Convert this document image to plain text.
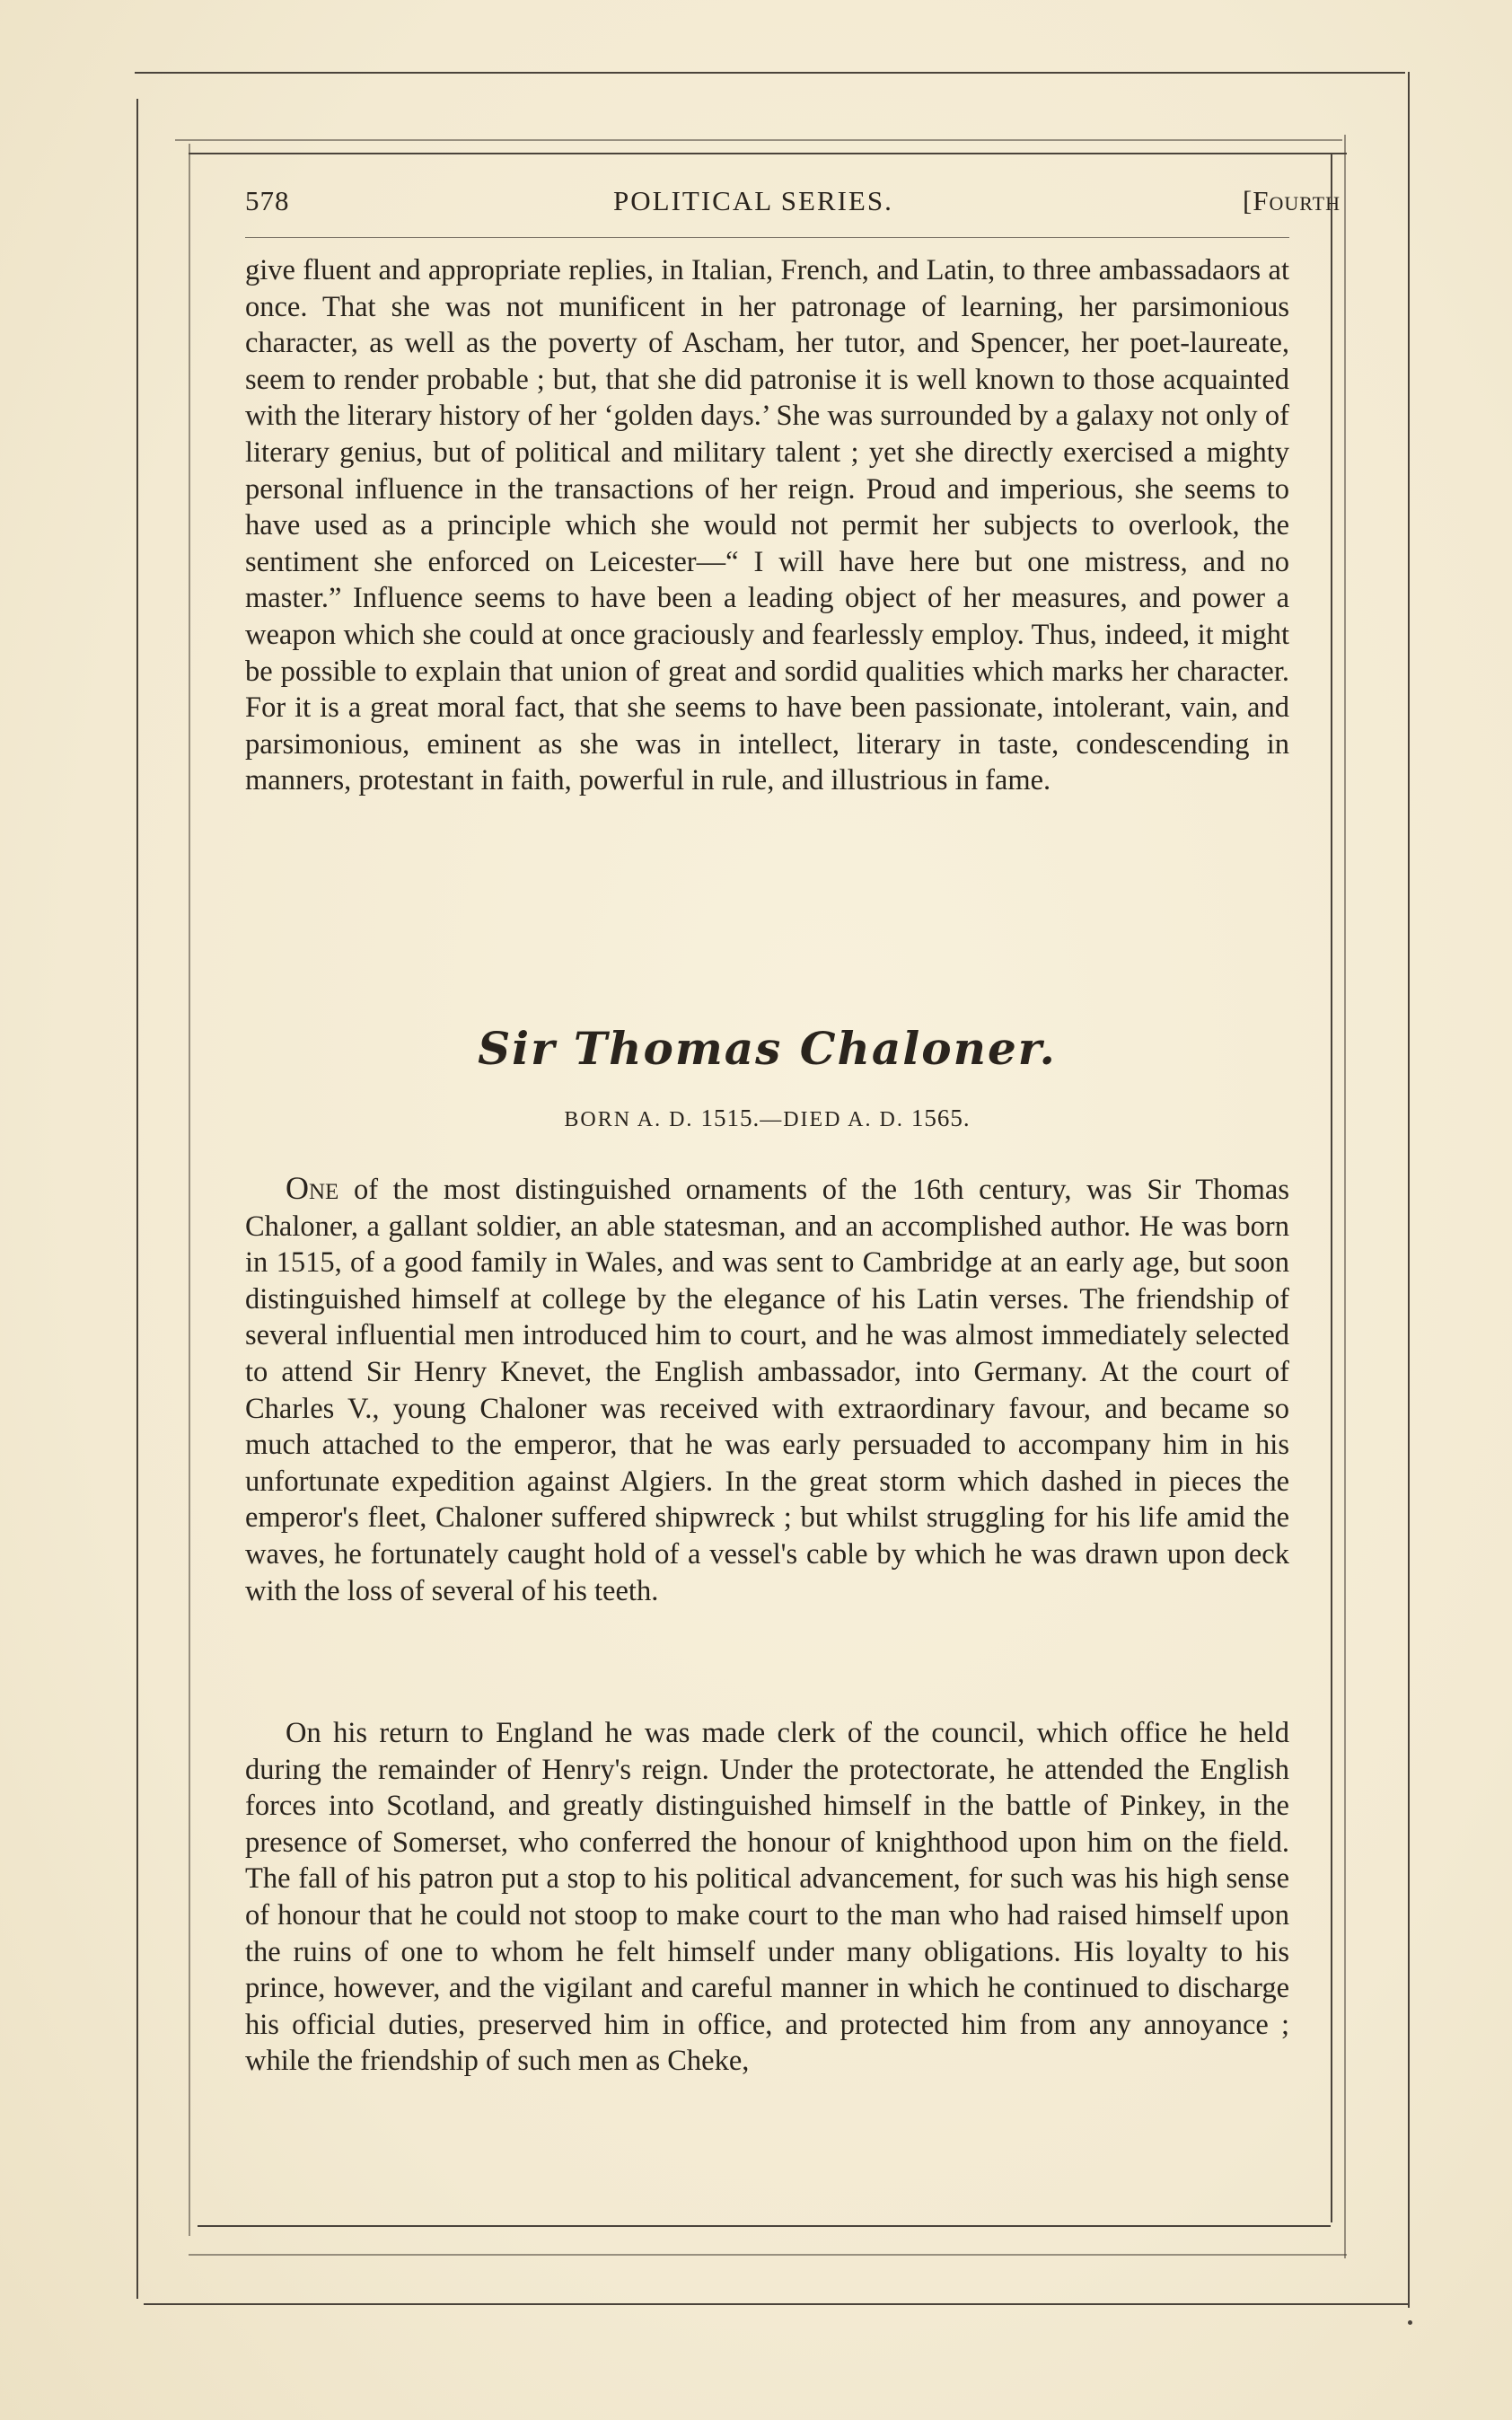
578	POLITICAL SERIES.	[Fourth

give fluent and appropriate replies, in Italian, French, and Latin, to three ambassadaors at once. That she was not munificent in her patronage of learning, her parsimonious character, as well as the poverty of Ascham, her tutor, and Spencer, her poet-laureate, seem to render probable ; but, that she did patronise it is well known to those acquainted with the literary history of her ‘golden days.’ She was surrounded by a galaxy not only of literary genius, but of political and military talent ; yet she directly exercised a mighty personal influence in the transactions of her reign. Proud and imperious, she seems to have used as a principle which she would not permit her subjects to overlook, the sentiment she enforced on Leicester—“ I will have here but one mistress, and no master.” Influence seems to have been a leading object of her measures, and power a weapon which she could at once graciously and fearlessly employ. Thus, indeed, it might be possible to explain that union of great and sordid qualities which marks her character. For it is a great moral fact, that she seems to have been passionate, intolerant, vain, and parsimonious, eminent as she was in intellect, literary in taste, condescending in manners, protestant in faith, powerful in rule, and illustrious in fame.

Sir Thomas Chaloner.
BORN A. D. 1515.—DIED A. D. 1565.

One of the most distinguished ornaments of the 16th century, was Sir Thomas Chaloner, a gallant soldier, an able statesman, and an accomplished author. He was born in 1515, of a good family in Wales, and was sent to Cambridge at an early age, but soon distinguished himself at college by the elegance of his Latin verses. The friendship of several influential men introduced him to court, and he was almost immediately selected to attend Sir Henry Knevet, the English ambassador, into Germany. At the court of Charles V., young Chaloner was received with extraordinary favour, and became so much attached to the emperor, that he was early persuaded to accompany him in his unfortunate expedition against Algiers. In the great storm which dashed in pieces the emperor's fleet, Chaloner suffered shipwreck ; but whilst struggling for his life amid the waves, he fortunately caught hold of a vessel's cable by which he was drawn upon deck with the loss of several of his teeth.

On his return to England he was made clerk of the council, which office he held during the remainder of Henry's reign. Under the protectorate, he attended the English forces into Scotland, and greatly distinguished himself in the battle of Pinkey, in the presence of Somerset, who conferred the honour of knighthood upon him on the field. The fall of his patron put a stop to his political advancement, for such was his high sense of honour that he could not stoop to make court to the man who had raised himself upon the ruins of one to whom he felt himself under many obligations. His loyalty to his prince, however, and the vigilant and careful manner in which he continued to discharge his official duties, preserved him in office, and protected him from any annoyance ; while the friendship of such men as Cheke,
